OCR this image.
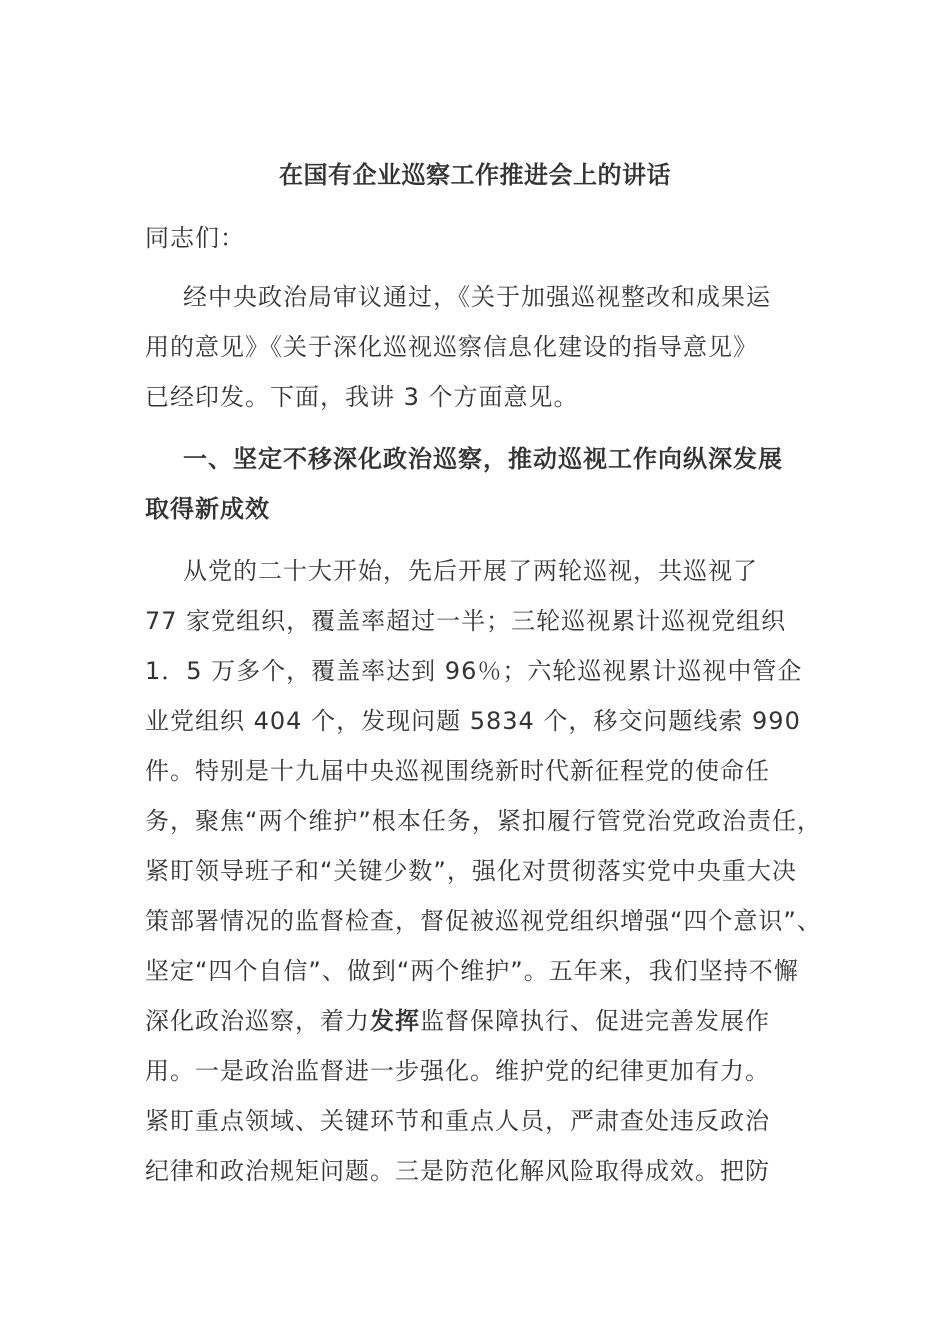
在国有企业巡察工作推进会上的讲话
同志们：
经中央政治局审议通过，《关于加强巡视整改和成果运
用的意见》《关于深化巡视巡察信息化建设的指导意见》
已经印发。下面，我讲 3 个方面意见。
一、坚定不移深化政治巡察，推动巡视工作向纵深发展
取得新成效
从党的二十大开始，先后开展了两轮巡视，共巡视了
77 家党组织，覆盖率超过一半；三轮巡视累计巡视党组织
1．5 万多个，覆盖率达到 96％；六轮巡视累计巡视中管企
业党组织 404 个，发现问题 5834 个，移交问题线索 990
件。特别是十九届中央巡视围绕新时代新征程党的使命任
务，聚焦“两个维护”根本任务，紧扣履行管党治党政治责任，
紧盯领导班子和“关键少数”，强化对贯彻落实党中央重大决
策部署情况的监督检查，督促被巡视党组织增强“四个意识”、
坚定“四个自信”、做到“两个维护”。五年来，我们坚持不懈
深化政治巡察，着力发挥监督保障执行、促进完善发展作
用。一是政治监督进一步强化。维护党的纪律更加有力。
紧盯重点领域、关键环节和重点人员，严肃查处违反政治
纪律和政治规矩问题。三是防范化解风险取得成效。把防
